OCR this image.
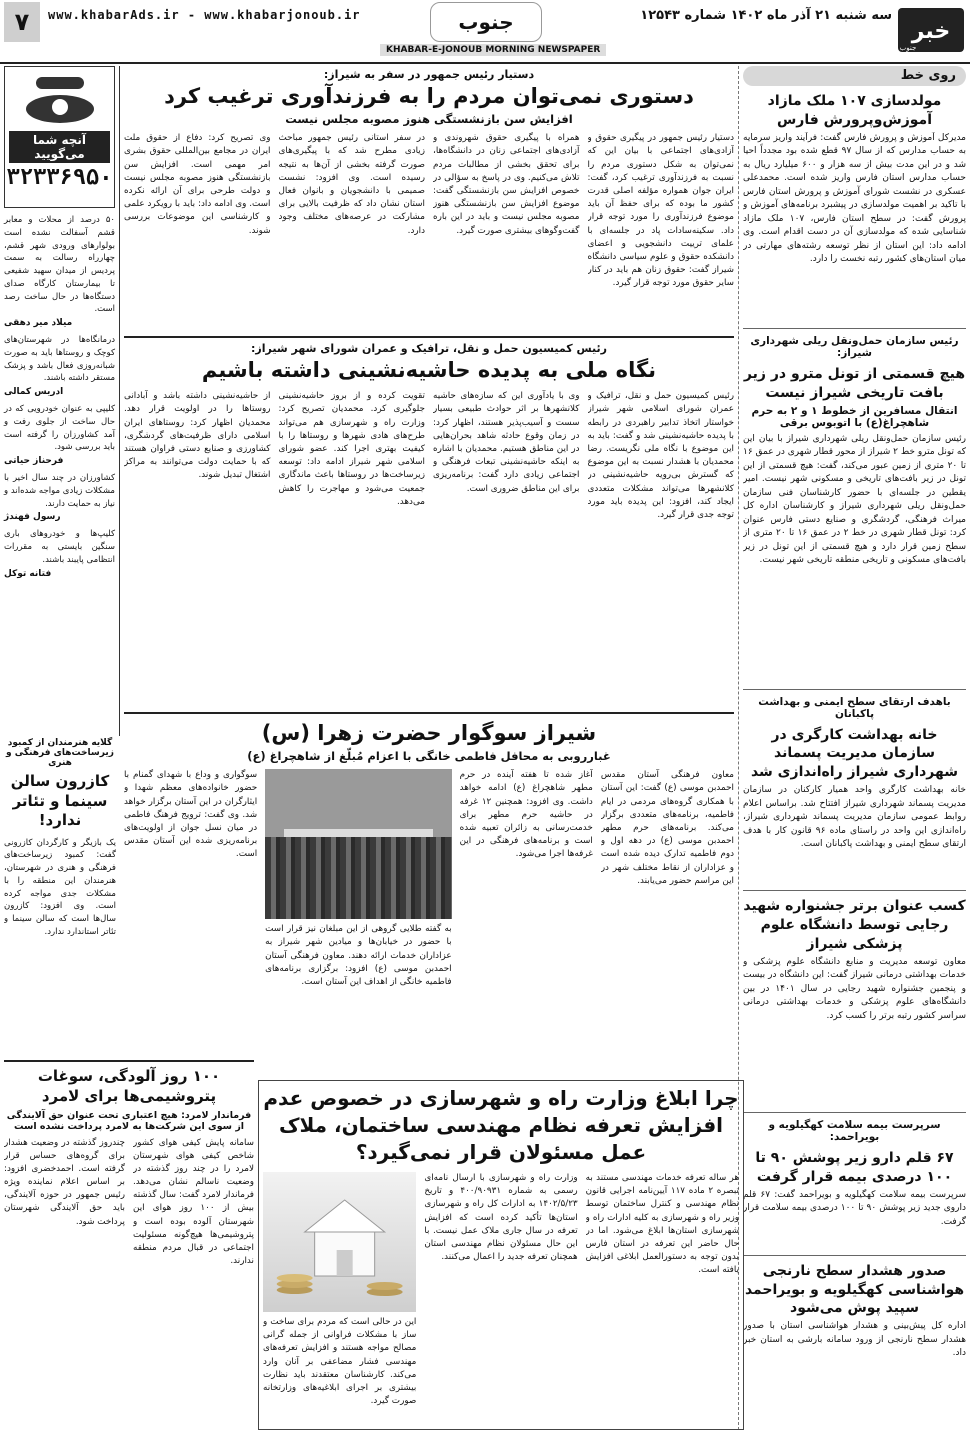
خبر
جنوب
سه شنبه ۲۱ آذر ماه ۱۴۰۲ شماره ۱۲۵۴۳
جنوب
www.khabarAds.ir - www.khabarjonoub.ir
۷
KHABAR-E-JONOUB MORNING NEWSPAPER
روی خط
مولدسازی ۱۰۷ ملک مازاد آموزش‌وپرورش فارس
مدیرکل آموزش و پرورش فارس گفت: فرآیند واریز سرمایه به حساب مدارس که از سال ۹۷ قطع شده بود مجدداً احیا شد و در این مدت بیش از سه هزار و ۶۰۰ میلیارد ریال به حساب مدارس استان فارس واریز شده است. محمدعلی عسکری در نشست شورای آموزش و پرورش استان فارس با تاکید بر اهمیت مولدسازی در پیشبرد برنامه‌های آموزش و پرورش گفت: در سطح استان فارس، ۱۰۷ ملک مازاد شناسایی شده که مولدسازی آن در دست اقدام است. وی ادامه داد: این استان از نظر توسعه رشته‌های مهارتی در میان استان‌های کشور رتبه نخست را دارد.
رئیس سازمان حمل‌ونقل ریلی شهرداری شیراز:
هیچ قسمتی از تونل مترو در زیر بافت تاریخی شیراز نیست
انتقال مسافرین از خطوط ۱ و ۲ به حرم شاهچراغ(ع) با اتوبوس برقی
رئیس سازمان حمل‌ونقل ریلی شهرداری شیراز با بیان این که تونل مترو خط ۲ شیراز از محور قطار شهری در عمق ۱۶ تا ۲۰ متری از زمین عبور می‌کند، گفت: هیچ قسمتی از این تونل در زیر بافت‌های تاریخی و مسکونی شهر نیست. امیر یقطین در جلسه‌ای با حضور کارشناسان فنی سازمان حمل‌ونقل ریلی شهرداری شیراز و کارشناسان اداره کل میراث فرهنگی، گردشگری و صنایع دستی فارس عنوان کرد: تونل قطار شهری در خط ۲ در عمق ۱۶ تا ۲۰ متری از سطح زمین قرار دارد و هیچ قسمتی از این تونل در زیر بافت‌های مسکونی و تاریخی منطقه تاریخی شهر نیست.
باهدف ارتقای سطح ایمنی و بهداشت پاکبانان
خانه بهداشت کارگری در سازمان مدیریت پسماند شهرداری شیراز راه‌اندازی شد
خانه بهداشت کارگری واحد همیار کارکنان در سازمان مدیریت پسماند شهرداری شیراز افتتاح شد. براساس اعلام روابط عمومی سازمان مدیریت پسماند شهرداری شیراز، راه‌اندازی این واحد در راستای ماده ۹۶ قانون کار با هدف ارتقای سطح ایمنی و بهداشت پاکبانان است.
کسب عنوان برتر جشنواره شهید رجایی توسط دانشگاه علوم پزشکی شیراز
معاون توسعه مدیریت و منابع دانشگاه علوم پزشکی و خدمات بهداشتی درمانی شیراز گفت: این دانشگاه در بیست و پنجمین جشنواره شهید رجایی در سال ۱۴۰۱ در بین دانشگاه‌های علوم پزشکی و خدمات بهداشتی درمانی سراسر کشور رتبه برتر را کسب کرد.
سرپرست بیمه سلامت کهگیلویه و بویراحمد:
۶۷ قلم دارو زیر پوشش ۹۰ تا ۱۰۰ درصدی بیمه قرار گرفت
سرپرست بیمه سلامت کهگیلویه و بویراحمد گفت: ۶۷ قلم داروی جدید زیر پوشش ۹۰ تا ۱۰۰ درصدی بیمه سلامت قرار گرفت.
صدور هشدار سطح نارنجی هواشناسی کهگیلویه و بویراحمد سپید پوش می‌شود
اداره کل پیش‌بینی و هشدار هواشناسی استان با صدور هشدار سطح نارنجی از ورود سامانه بارشی به استان خبر داد.
آنچه شما می‌گویید
۳۲۳۳۶۹۵۰
۵۰ درصد از محلات و معابر قشم آسفالت نشده است بولوارهای ورودی شهر قشم، چهارراه رسالت به سمت پردیس از میدان سهید شفیعی تا بیمارستان کارگاه صدای دستگاه‌ها در حال ساخت رصد است.
میلاد میر دهقی
درمانگاه‌ها در شهرستان‌های کوچک و روستاها باید به صورت شبانه‌روزی فعال باشد و پزشک مستقر داشته باشند.
ادریس کمالی
کلیپی به عنوان خودرویی که در حال ساخت از جلوی رفت و آمد کشاورزان را گرفته است باید بررسی شود.
فرحناز حیاتی
کشاورزان در چند سال اخیر با مشکلات زیادی مواجه شده‌اند و نیاز به حمایت دارند.
رسول فهندژ
کلیپ‌ها و خودروهای باری سنگین بایستی به مقررات انتظامی پایبند باشند.
فتانه توکل
گلایه هنرمندان از کمبود زیرساخت‌های فرهنگی و هنری
کازرون سالن سینما و تئاتر ندارد!
یک بازیگر و کارگردان کازرونی گفت: کمبود زیرساخت‌های فرهنگی و هنری در شهرستان، هنرمندان این منطقه را با مشکلات جدی مواجه کرده است. وی افزود: کازرون سال‌ها است که سالن سینما و تئاتر استاندارد ندارد.
دستیار رئیس جمهور در سفر به شیراز:
دستوری نمی‌توان مردم را به فرزندآوری ترغیب کرد
افزایش سن بازنشستگی هنوز مصوبه مجلس نیست
دستیار رئیس جمهور در پیگیری حقوق و آزادی‌های اجتماعی با بیان این که نمی‌توان به شکل دستوری مردم را نسبت به فرزندآوری ترغیب کرد، گفت: ایران جوان همواره مؤلفه اصلی قدرت کشور ما بوده که برای حفظ آن باید موضوع فرزندآوری را مورد توجه قرار داد. سکینه‌سادات پاد در جلسه‌ای با علمای ترییت دانشجویی و اعضای دانشکده حقوق و علوم سیاسی دانشگاه شیراز گفت: حقوق زنان هم باید در کنار سایر حقوق مورد توجه قرار گیرد.
همراه با پیگیری حقوق شهروندی و آزادی‌های اجتماعی زنان در دانشگاه‌ها، برای تحقق بخشی از مطالبات مردم تلاش می‌کنیم. وی در پاسخ به سؤالی در خصوص افزایش سن بازنشستگی گفت: موضوع افزایش سن بازنشستگی هنوز مصوبه مجلس نیست و باید در این باره گفت‌وگوهای بیشتری صورت گیرد.
در سفر استانی رئیس جمهور مباحث زیادی مطرح شد که با پیگیری‌های صورت گرفته بخشی از آن‌ها به نتیجه رسیده است. وی افزود: نشست صمیمی با دانشجویان و بانوان فعال استان نشان داد که ظرفیت بالایی برای مشارکت در عرصه‌های مختلف وجود دارد.
وی تصریح کرد: دفاع از حقوق ملت ایران در مجامع بین‌المللی حقوق بشری امر مهمی است. افزایش سن بازنشستگی هنوز مصوبه مجلس نیست و دولت طرحی برای آن ارائه نکرده است. وی ادامه داد: باید با رویکرد علمی و کارشناسی این موضوعات بررسی شوند.
رئیس کمیسیون حمل و نقل، ترافیک و عمران شورای شهر شیراز:
نگاه ملی به پدیده حاشیه‌نشینی داشته باشیم
رئیس کمیسیون حمل و نقل، ترافیک و عمران شورای اسلامی شهر شیراز خواستار اتخاذ تدابیر راهبردی در رابطه با پدیده حاشیه‌نشینی شد و گفت: باید به این موضوع با نگاه ملی نگریست. رضا محمدیان با هشدار نسبت به این موضوع که گسترش بی‌رویه حاشیه‌نشینی در کلانشهرها می‌تواند مشکلات متعددی ایجاد کند، افزود: این پدیده باید مورد توجه جدی قرار گیرد.
وی با یادآوری این که سازه‌های حاشیه کلانشهرها بر اثر حوادث طبیعی بسیار سست و آسیب‌پذیر هستند، اظهار کرد: در زمان وقوع حادثه شاهد بحران‌هایی در این مناطق هستیم. محمدیان با اشاره به اینکه حاشیه‌نشینی تبعات فرهنگی و اجتماعی زیادی دارد گفت: برنامه‌ریزی برای این مناطق ضروری است.
تقویت کرده و از بروز حاشیه‌نشینی جلوگیری کرد. محمدیان تصریح کرد: وزارت راه و شهرسازی هم می‌تواند طرح‌های هادی شهرها و روستاها را با کیفیت بهتری اجرا کند. عضو شورای اسلامی شهر شیراز ادامه داد: توسعه زیرساخت‌ها در روستاها باعث ماندگاری جمعیت می‌شود و مهاجرت را کاهش می‌دهد.
از حاشیه‌نشینی داشته باشد و آبادانی روستاها را در اولویت قرار دهد. محمدیان اظهار کرد: روستاهای ایران اسلامی دارای ظرفیت‌های گردشگری، کشاورزی و صنایع دستی فراوان هستند که با حمایت دولت می‌توانند به مراکز اشتغال تبدیل شوند.
شیراز سوگوار حضرت زهرا (س)
غبارروبی به محافل فاطمی خانگی با اعزام مُبلّغ از شاهچراغ (ع)
معاون فرهنگی آستان مقدس احمدبن موسی (ع) گفت: این آستان با همکاری گروه‌های مردمی در ایام فاطمیه، برنامه‌های متعددی برگزار می‌کند. برنامه‌های حرم مطهر احمدبن موسی (ع) در دهه اول و دوم فاطمیه تدارک دیده شده است و عزاداران از نقاط مختلف شهر در این مراسم حضور می‌یابند.
آغاز شده تا هفته آینده در حرم مطهر شاهچراغ (ع) ادامه خواهد داشت. وی افزود: همچنین ۱۲ غرفه در حاشیه حرم مطهر برای خدمت‌رسانی به زائران تعبیه شده است و برنامه‌های فرهنگی در این غرفه‌ها اجرا می‌شود.
به گفته طلایی گروهی از این مبلغان نیز قرار است با حضور در خیابان‌ها و میادین شهر شیراز به عزاداران خدمات ارائه دهند. معاون فرهنگی آستان احمدبن موسی (ع) افزود: برگزاری برنامه‌های فاطمیه خانگی از اهداف این آستان است.
سوگواری و وداع با شهدای گمنام با حضور خانواده‌های معظم شهدا و ایثارگران در این آستان برگزار خواهد شد. وی گفت: ترویج فرهنگ فاطمی در میان نسل جوان از اولویت‌های برنامه‌ریزی شده این آستان مقدس است.
۱۰۰ روز آلودگی، سوغات پتروشیمی‌ها برای لامرد
فرماندار لامرد: هیچ اعتباری تحت عنوان حق آلایندگی از سوی این شرکت‌ها به لامرد پرداخت نشده است
سامانه پایش کیفی هوای کشور شاخص کیفی هوای شهرستان لامرد را در چند روز گذشته در وضعیت ناسالم نشان می‌دهد. فرماندار لامرد گفت: سال گذشته بیش از ۱۰۰ روز هوای این شهرستان آلوده بوده است و پتروشیمی‌ها هیچ‌گونه مسئولیت اجتماعی در قبال مردم منطقه ندارند.
چندروز گذشته در وضعیت هشدار برای گروه‌های حساس قرار گرفته است. احمدخضری افزود: بر اساس اعلام نماینده ویژه رئیس جمهور در حوزه آلایندگی، باید حق آلایندگی شهرستان پرداخت شود.
چرا ابلاغ وزارت راه و شهرسازی در خصوص عدم افزایش تعرفه نظام مهندسی ساختمان، ملاک عمل مسئولان قرار نمی‌گیرد؟
هر ساله تعرفه خدمات مهندسی مستند به تبصره ۲ ماده ۱۱۷ آیین‌نامه اجرایی قانون نظام مهندسی و کنترل ساختمان توسط وزیر راه و شهرسازی به کلیه ادارات راه و شهرسازی استان‌ها ابلاغ می‌شود. اما در حال حاضر این تعرفه در استان فارس بدون توجه به دستورالعمل ابلاغی افزایش یافته است.
وزارت راه و شهرسازی با ارسال نامه‌ای رسمی به شماره ۴۰۰/۹۰۹۳۱ و تاریخ ۱۴۰۲/۵/۲۳ به ادارات کل راه و شهرسازی استان‌ها تأکید کرده است که افزایش تعرفه در سال جاری ملاک عمل نیست. با این حال مسئولان نظام مهندسی استان همچنان تعرفه جدید را اعمال می‌کنند.
این در حالی است که مردم برای ساخت و ساز با مشکلات فراوانی از جمله گرانی مصالح مواجه هستند و افزایش تعرفه‌های مهندسی فشار مضاعفی بر آنان وارد می‌کند. کارشناسان معتقدند باید نظارت بیشتری بر اجرای ابلاغیه‌های وزارتخانه صورت گیرد.
